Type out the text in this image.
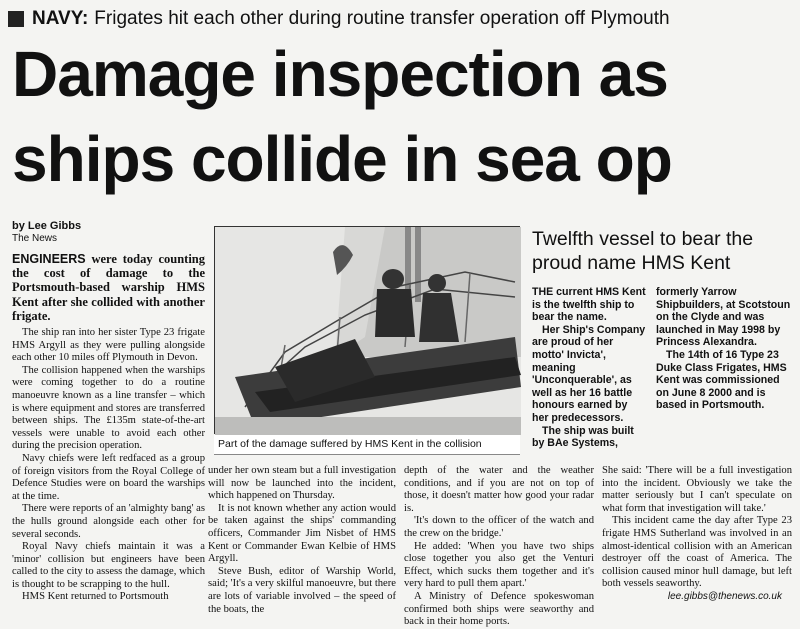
NAVY: Frigates hit each other during routine transfer operation off Plymouth
Damage inspection as
ships collide in sea op
by Lee Gibbs
The News

ENGINEERS were today counting the cost of damage to the Portsmouth-based warship HMS Kent after she collided with another frigate.

The ship ran into her sister Type 23 frigate HMS Argyll as they were pulling alongside each other 10 miles off Plymouth in Devon.

The collision happened when the warships were coming together to do a routine manoeuvre known as a line transfer – which is where equipment and stores are transferred between ships. The £135m state-of-the-art vessels were unable to avoid each other during the precision operation.

Navy chiefs were left redfaced as a group of foreign visitors from the Royal College of Defence Studies were on board the warships at the time.

There were reports of an 'almighty bang' as the hulls ground alongside each other for several seconds.

Royal Navy chiefs maintain it was a 'minor' collision but engineers have been called to the city to assess the damage, which is thought to be scrapping to the hull.

HMS Kent returned to Portsmouth

Part of the damage suffered by HMS Kent in the collision
Twelfth vessel to bear the proud name HMS Kent

THE current HMS Kent is the twelfth ship to bear the name.

Her Ship's Company are proud of her motto' Invicta', meaning 'Unconquerable', as well as her 16 battle honours earned by her predecessors.

The ship was built by BAe Systems,

formerly Yarrow Shipbuilders, at Scotstoun on the Clyde and was launched in May 1998 by Princess Alexandra.

The 14th of 16 Type 23 Duke Class Frigates, HMS Kent was commissioned on June 8 2000 and is based in Portsmouth.

under her own steam but a full investigation will now be launched into the incident, which happened on Thursday.

It is not known whether any action would be taken against the ships' commanding officers, Commander Jim Nisbet of HMS Kent or Commander Ewan Kelbie of HMS Argyll.

Steve Bush, editor of Warship World, said; 'It's a very skilful manoeuvre, but there are lots of variable involved – the speed of the boats, the

depth of the water and the weather conditions, and if you are not on top of those, it doesn't matter how good your radar is.

'It's down to the officer of the watch and the crew on the bridge.'

He added: 'When you have two ships close together you also get the Venturi Effect, which sucks them together and it's very hard to pull them apart.'

A Ministry of Defence spokeswoman confirmed both ships were seaworthy and back in their home ports.

She said: 'There will be a full investigation into the incident. Obviously we take the matter seriously but I can't speculate on what form that investigation will take.'

This incident came the day after Type 23 frigate HMS Sutherland was involved in an almost-identical collision with an American destroyer off the coast of America. The collision caused minor hull damage, but left both vessels seaworthy.

lee.gibbs@thenews.co.uk
